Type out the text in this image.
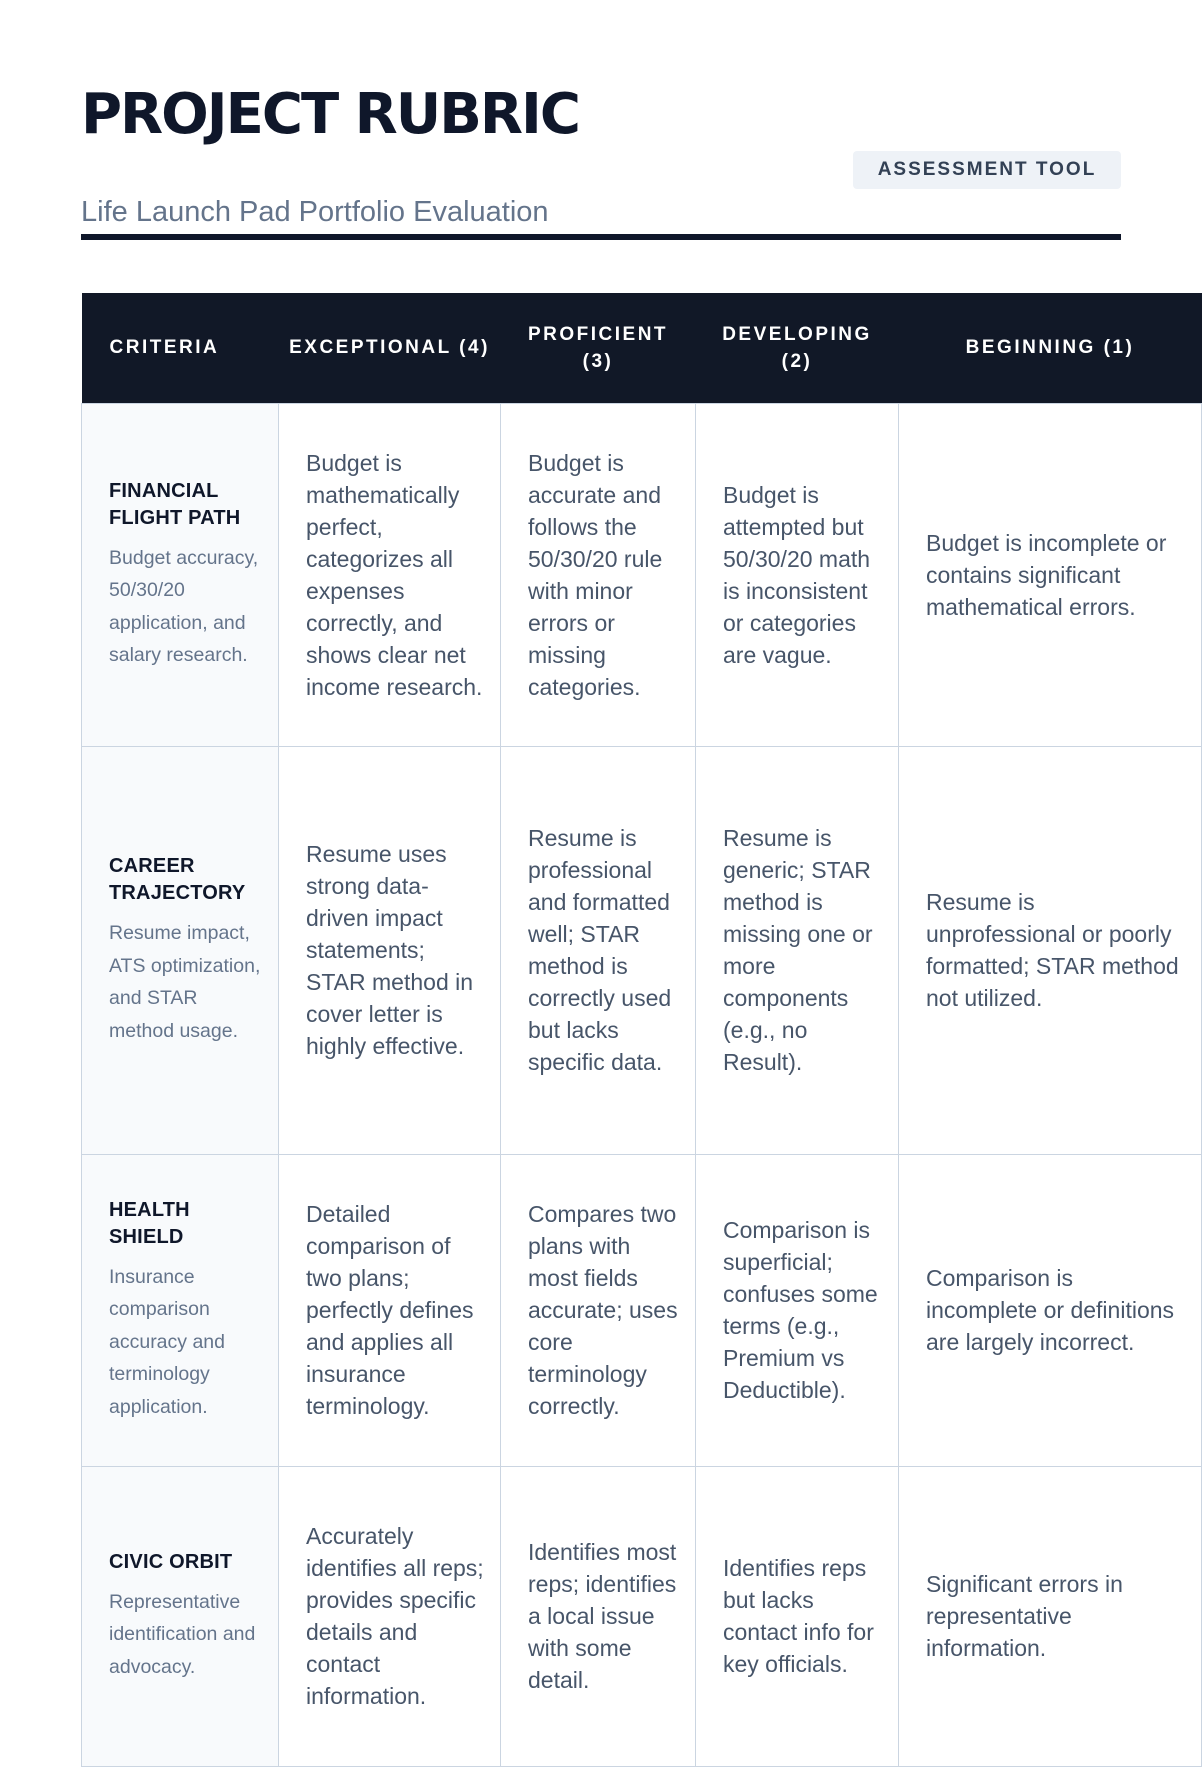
PROJECT RUBRIC
Life Launch Pad Portfolio Evaluation
ASSESSMENT TOOL
CRITERIA	EXCEPTIONAL (4)	PROFICIENT (3)	DEVELOPING (2)	BEGINNING (1)

FINANCIAL FLIGHT PATH
Budget accuracy, 50/30/20 application, and salary research.	Budget is mathematically perfect, categorizes all expenses correctly, and shows clear net income research.	Budget is accurate and follows the 50/30/20 rule with minor errors or missing categories.	Budget is attempted but 50/30/20 math is inconsistent or categories are vague.	Budget is incomplete or contains significant mathematical errors.

CAREER TRAJECTORY
Resume impact, ATS optimization, and STAR method usage.	Resume uses strong data-driven impact statements; STAR method in cover letter is highly effective.	Resume is professional and formatted well; STAR method is correctly used but lacks specific data.	Resume is generic; STAR method is missing one or more components (e.g., no Result).	Resume is unprofessional or poorly formatted; STAR method not utilized.

HEALTH SHIELD
Insurance comparison accuracy and terminology application.	Detailed comparison of two plans; perfectly defines and applies all insurance terminology.	Compares two plans with most fields accurate; uses core terminology correctly.	Comparison is superficial; confuses some terms (e.g., Premium vs Deductible).	Comparison is incomplete or definitions are largely incorrect.

CIVIC ORBIT
Representative identification and advocacy.	Accurately identifies all reps; provides specific details and contact information.	Identifies most reps; identifies a local issue with some detail.	Identifies reps but lacks contact info for key officials.	Significant errors in representative information.
